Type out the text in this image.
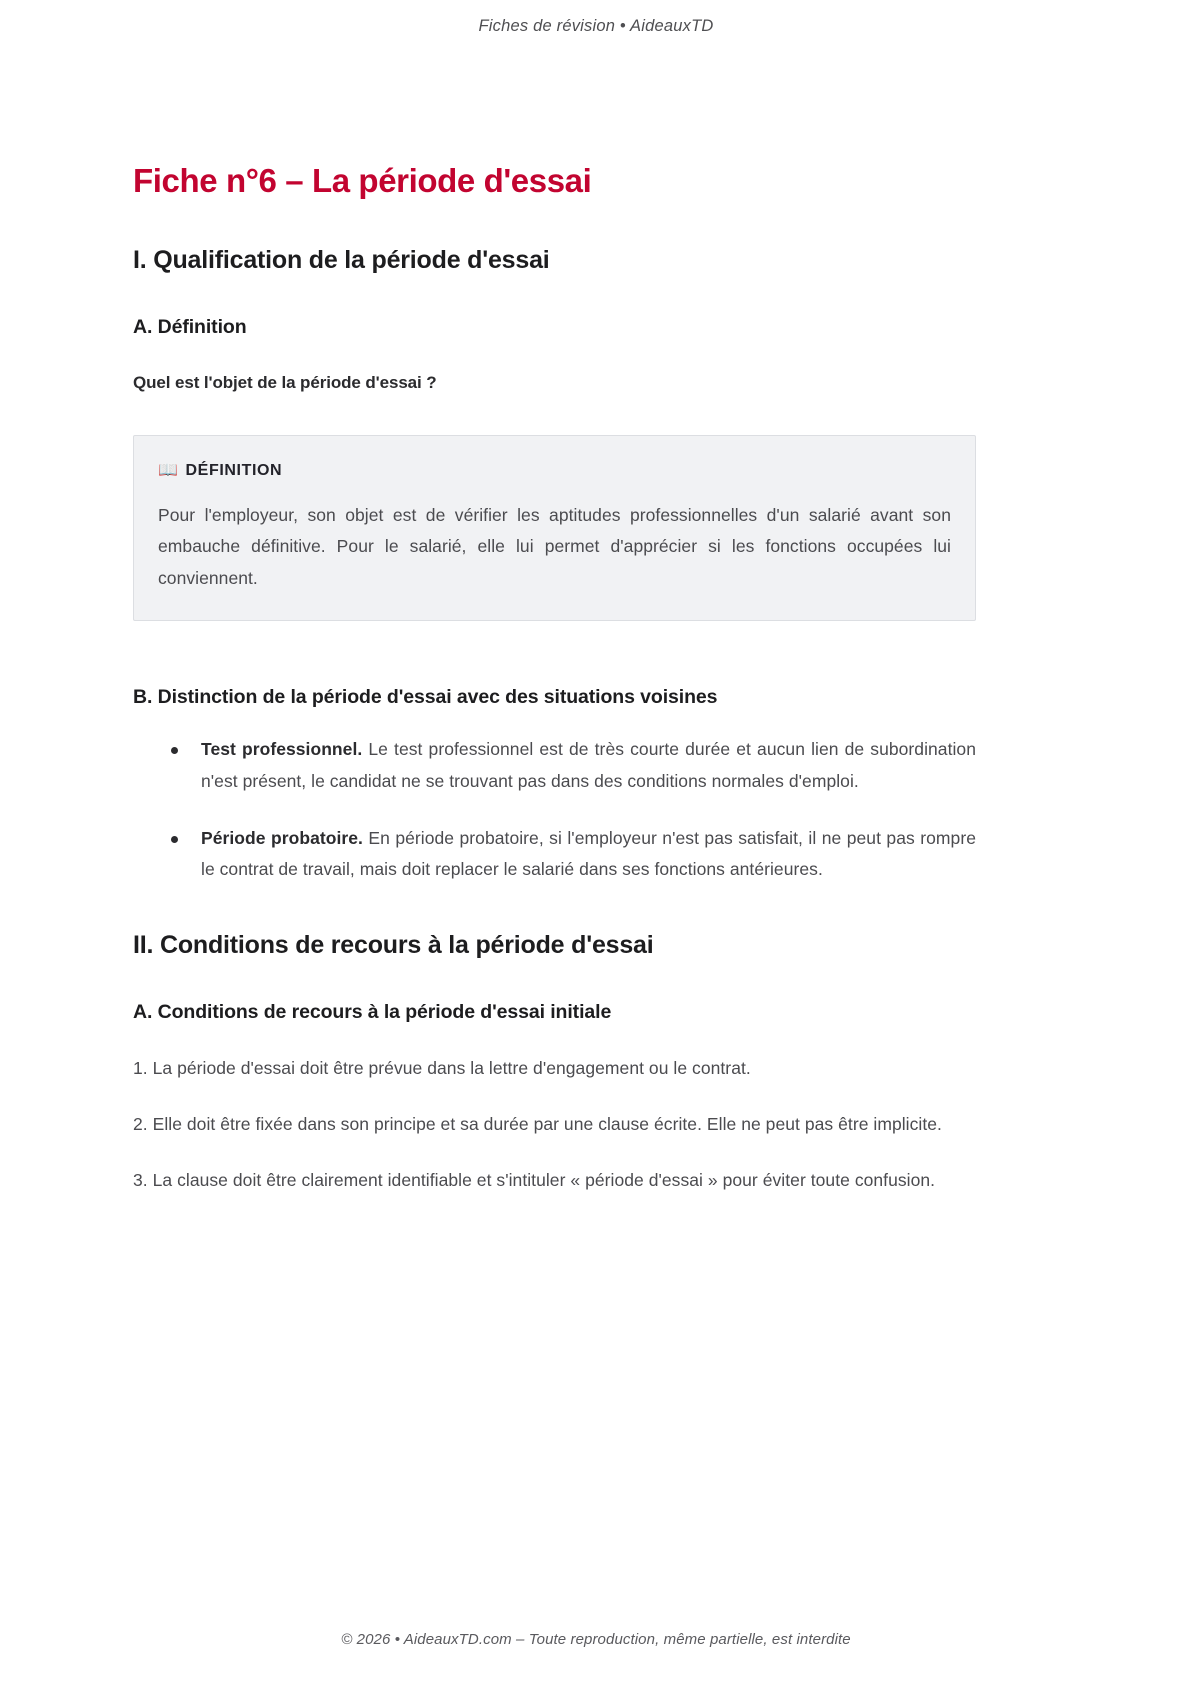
Fiches de révision • AideauxTD
Fiche n°6 – La période d'essai
I. Qualification de la période d'essai
A. Définition

Quel est l'objet de la période d'essai ?

📖 DÉFINITION

Pour l'employeur, son objet est de vérifier les aptitudes professionnelles d'un salarié avant son embauche définitive. Pour le salarié, elle lui permet d'apprécier si les fonctions occupées lui conviennent.

B. Distinction de la période d'essai avec des situations voisines
Test professionnel. Le test professionnel est de très courte durée et aucun lien de subordination n'est présent, le candidat ne se trouvant pas dans des conditions normales d'emploi.
Période probatoire. En période probatoire, si l'employeur n'est pas satisfait, il ne peut pas rompre le contrat de travail, mais doit replacer le salarié dans ses fonctions antérieures.
II. Conditions de recours à la période d'essai
A. Conditions de recours à la période d'essai initiale

1. La période d'essai doit être prévue dans la lettre d'engagement ou le contrat.

2. Elle doit être fixée dans son principe et sa durée par une clause écrite. Elle ne peut pas être implicite.

3. La clause doit être clairement identifiable et s'intituler « période d'essai » pour éviter toute confusion.

© 2026 • AideauxTD.com – Toute reproduction, même partielle, est interdite
